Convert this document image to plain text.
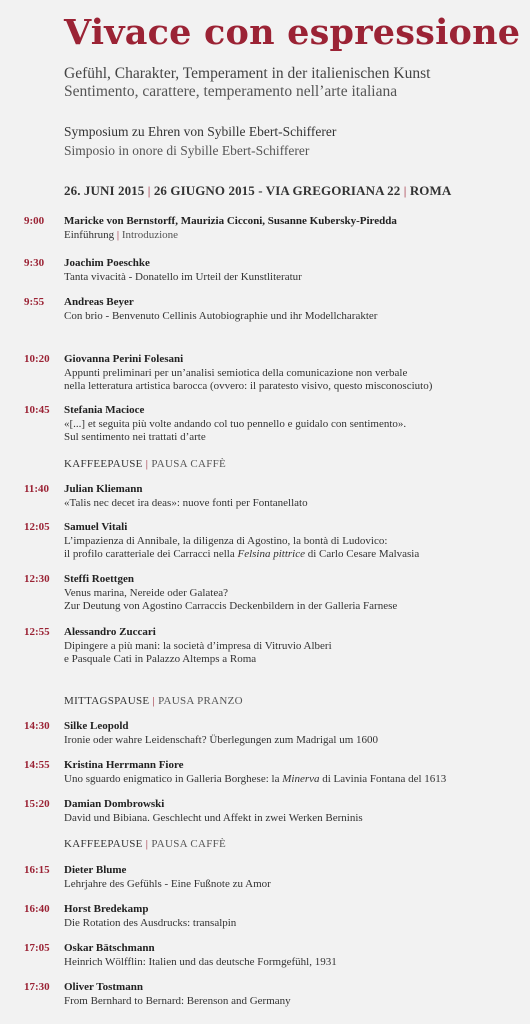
Vivace con espressione
Gefühl, Charakter, Temperament in der italienischen Kunst
Sentimento, carattere, temperamento nell’arte italiana
Symposium zu Ehren von Sybille Ebert-Schifferer
Simposio in onore di Sybille Ebert-Schifferer
26. JUNI 2015 | 26 GIUGNO 2015 - VIA GREGORIANA 22 | ROMA
9:00	Maricke von Bernstorff, Maurizia Cicconi, Susanne Kubersky-Piredda
Einführung | Introduzione
9:30	Joachim Poeschke
Tanta vivacità - Donatello im Urteil der Kunstliteratur
9:55	Andreas Beyer
Con brio - Benvenuto Cellinis Autobiographie und ihr Modellcharakter
10:20	Giovanna Perini Folesani
Appunti preliminari per un’analisi semiotica della comunicazione non verbale
nella letteratura artistica barocca (ovvero: il paratesto visivo, questo misconosciuto)
10:45	Stefania Macioce
«[...] et seguita più volte andando col tuo pennello e guidalo con sentimento».
Sul sentimento nei trattati d’arte
KAFFEEPAUSE | PAUSA CAFFÈ
11:40	Julian Kliemann
«Talis nec decet ira deas»: nuove fonti per Fontanellato
12:05	Samuel Vitali
L’impazienza di Annibale, la diligenza di Agostino, la bontà di Ludovico:
il profilo caratteriale dei Carracci nella Felsina pittrice di Carlo Cesare Malvasia
12:30	Steffi Roettgen
Venus marina, Nereide oder Galatea?
Zur Deutung von Agostino Carraccis Deckenbildern in der Galleria Farnese
12:55	Alessandro Zuccari
Dipingere a più mani: la società d’impresa di Vitruvio Alberi
e Pasquale Cati in Palazzo Altemps a Roma
MITTAGSPAUSE | PAUSA PRANZO
14:30	Silke Leopold
Ironie oder wahre Leidenschaft? Überlegungen zum Madrigal um 1600
14:55	Kristina Herrmann Fiore
Uno sguardo enigmatico in Galleria Borghese: la Minerva di Lavinia Fontana del 1613
15:20	Damian Dombrowski
David und Bibiana. Geschlecht und Affekt in zwei Werken Berninis
KAFFEEPAUSE | PAUSA CAFFÈ
16:15	Dieter Blume
Lehrjahre des Gefühls - Eine Fußnote zu Amor
16:40	Horst Bredekamp
Die Rotation des Ausdrucks: transalpin
17:05	Oskar Bätschmann
Heinrich Wölfflin: Italien und das deutsche Formgefühl, 1931
17:30	Oliver Tostmann
From Bernhard to Bernard: Berenson and Germany
